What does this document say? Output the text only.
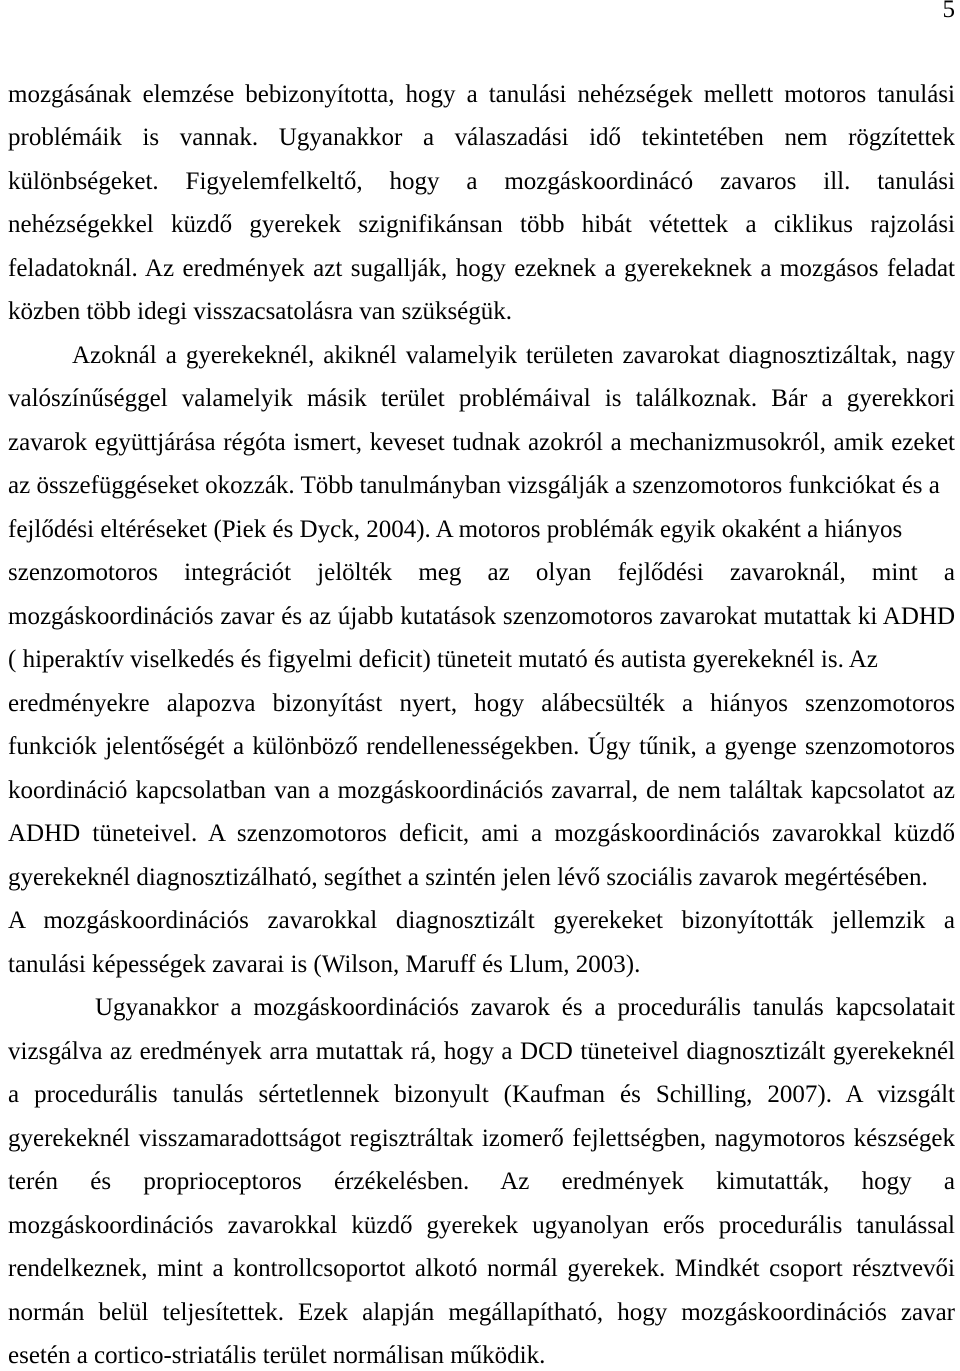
5
mozgásának elemzése bebizonyította, hogy a tanulási nehézségek mellett motoros tanulási
problémáik is vannak. Ugyanakkor a válaszadási idő tekintetében nem rögzítettek
különbségeket. Figyelemfelkeltő, hogy a mozgáskoordinácó zavaros ill. tanulási
nehézségekkel küzdő gyerekek szignifikánsan több hibát vétettek a ciklikus rajzolási
feladatoknál. Az eredmények azt sugallják, hogy ezeknek a gyerekeknek a mozgásos feladat
közben több idegi visszacsatolásra van szükségük.
Azoknál a gyerekeknél, akiknél valamelyik területen zavarokat diagnosztizáltak, nagy
valószínűséggel valamelyik másik terület problémáival is találkoznak. Bár a gyerekkori
zavarok együttjárása régóta ismert, keveset tudnak azokról a mechanizmusokról, amik ezeket
az összefüggéseket okozzák. Több tanulmányban vizsgálják a szenzomotoros funkciókat és a
fejlődési eltéréseket (Piek és Dyck, 2004). A motoros problémák egyik okaként a hiányos
szenzomotoros integrációt jelölték meg az olyan fejlődési zavaroknál, mint a
mozgáskoordinációs zavar és az újabb kutatások szenzomotoros zavarokat mutattak ki ADHD
( hiperaktív viselkedés és figyelmi deficit) tüneteit mutató és autista gyerekeknél is. Az
eredményekre alapozva bizonyítást nyert, hogy alábecsülték a hiányos szenzomotoros
funkciók jelentőségét a különböző rendellenességekben. Úgy tűnik, a gyenge szenzomotoros
koordináció kapcsolatban van a mozgáskoordinációs zavarral, de nem találtak kapcsolatot az
ADHD tüneteivel. A szenzomotoros deficit, ami a mozgáskoordinációs zavarokkal küzdő
gyerekeknél diagnosztizálható, segíthet a szintén jelen lévő szociális zavarok megértésében.
A mozgáskoordinációs zavarokkal diagnosztizált gyerekeket bizonyították jellemzik a
tanulási képességek zavarai is (Wilson, Maruff és Llum, 2003).
Ugyanakkor a mozgáskoordinációs zavarok és a procedurális tanulás kapcsolatait
vizsgálva az eredmények arra mutattak rá, hogy a DCD tüneteivel diagnosztizált gyerekeknél
a procedurális tanulás sértetlennek bizonyult (Kaufman és Schilling, 2007). A vizsgált
gyerekeknél visszamaradottságot regisztráltak izomerő fejlettségben, nagymotoros készségek
terén és proprioceptoros érzékelésben. Az eredmények kimutatták, hogy a
mozgáskoordinációs zavarokkal küzdő gyerekek ugyanolyan erős procedurális tanulással
rendelkeznek, mint a kontrollcsoportot alkotó normál gyerekek. Mindkét csoport résztvevői
normán belül teljesítettek. Ezek alapján megállapítható, hogy mozgáskoordinációs zavar
esetén a cortico-striatális terület normálisan működik.
